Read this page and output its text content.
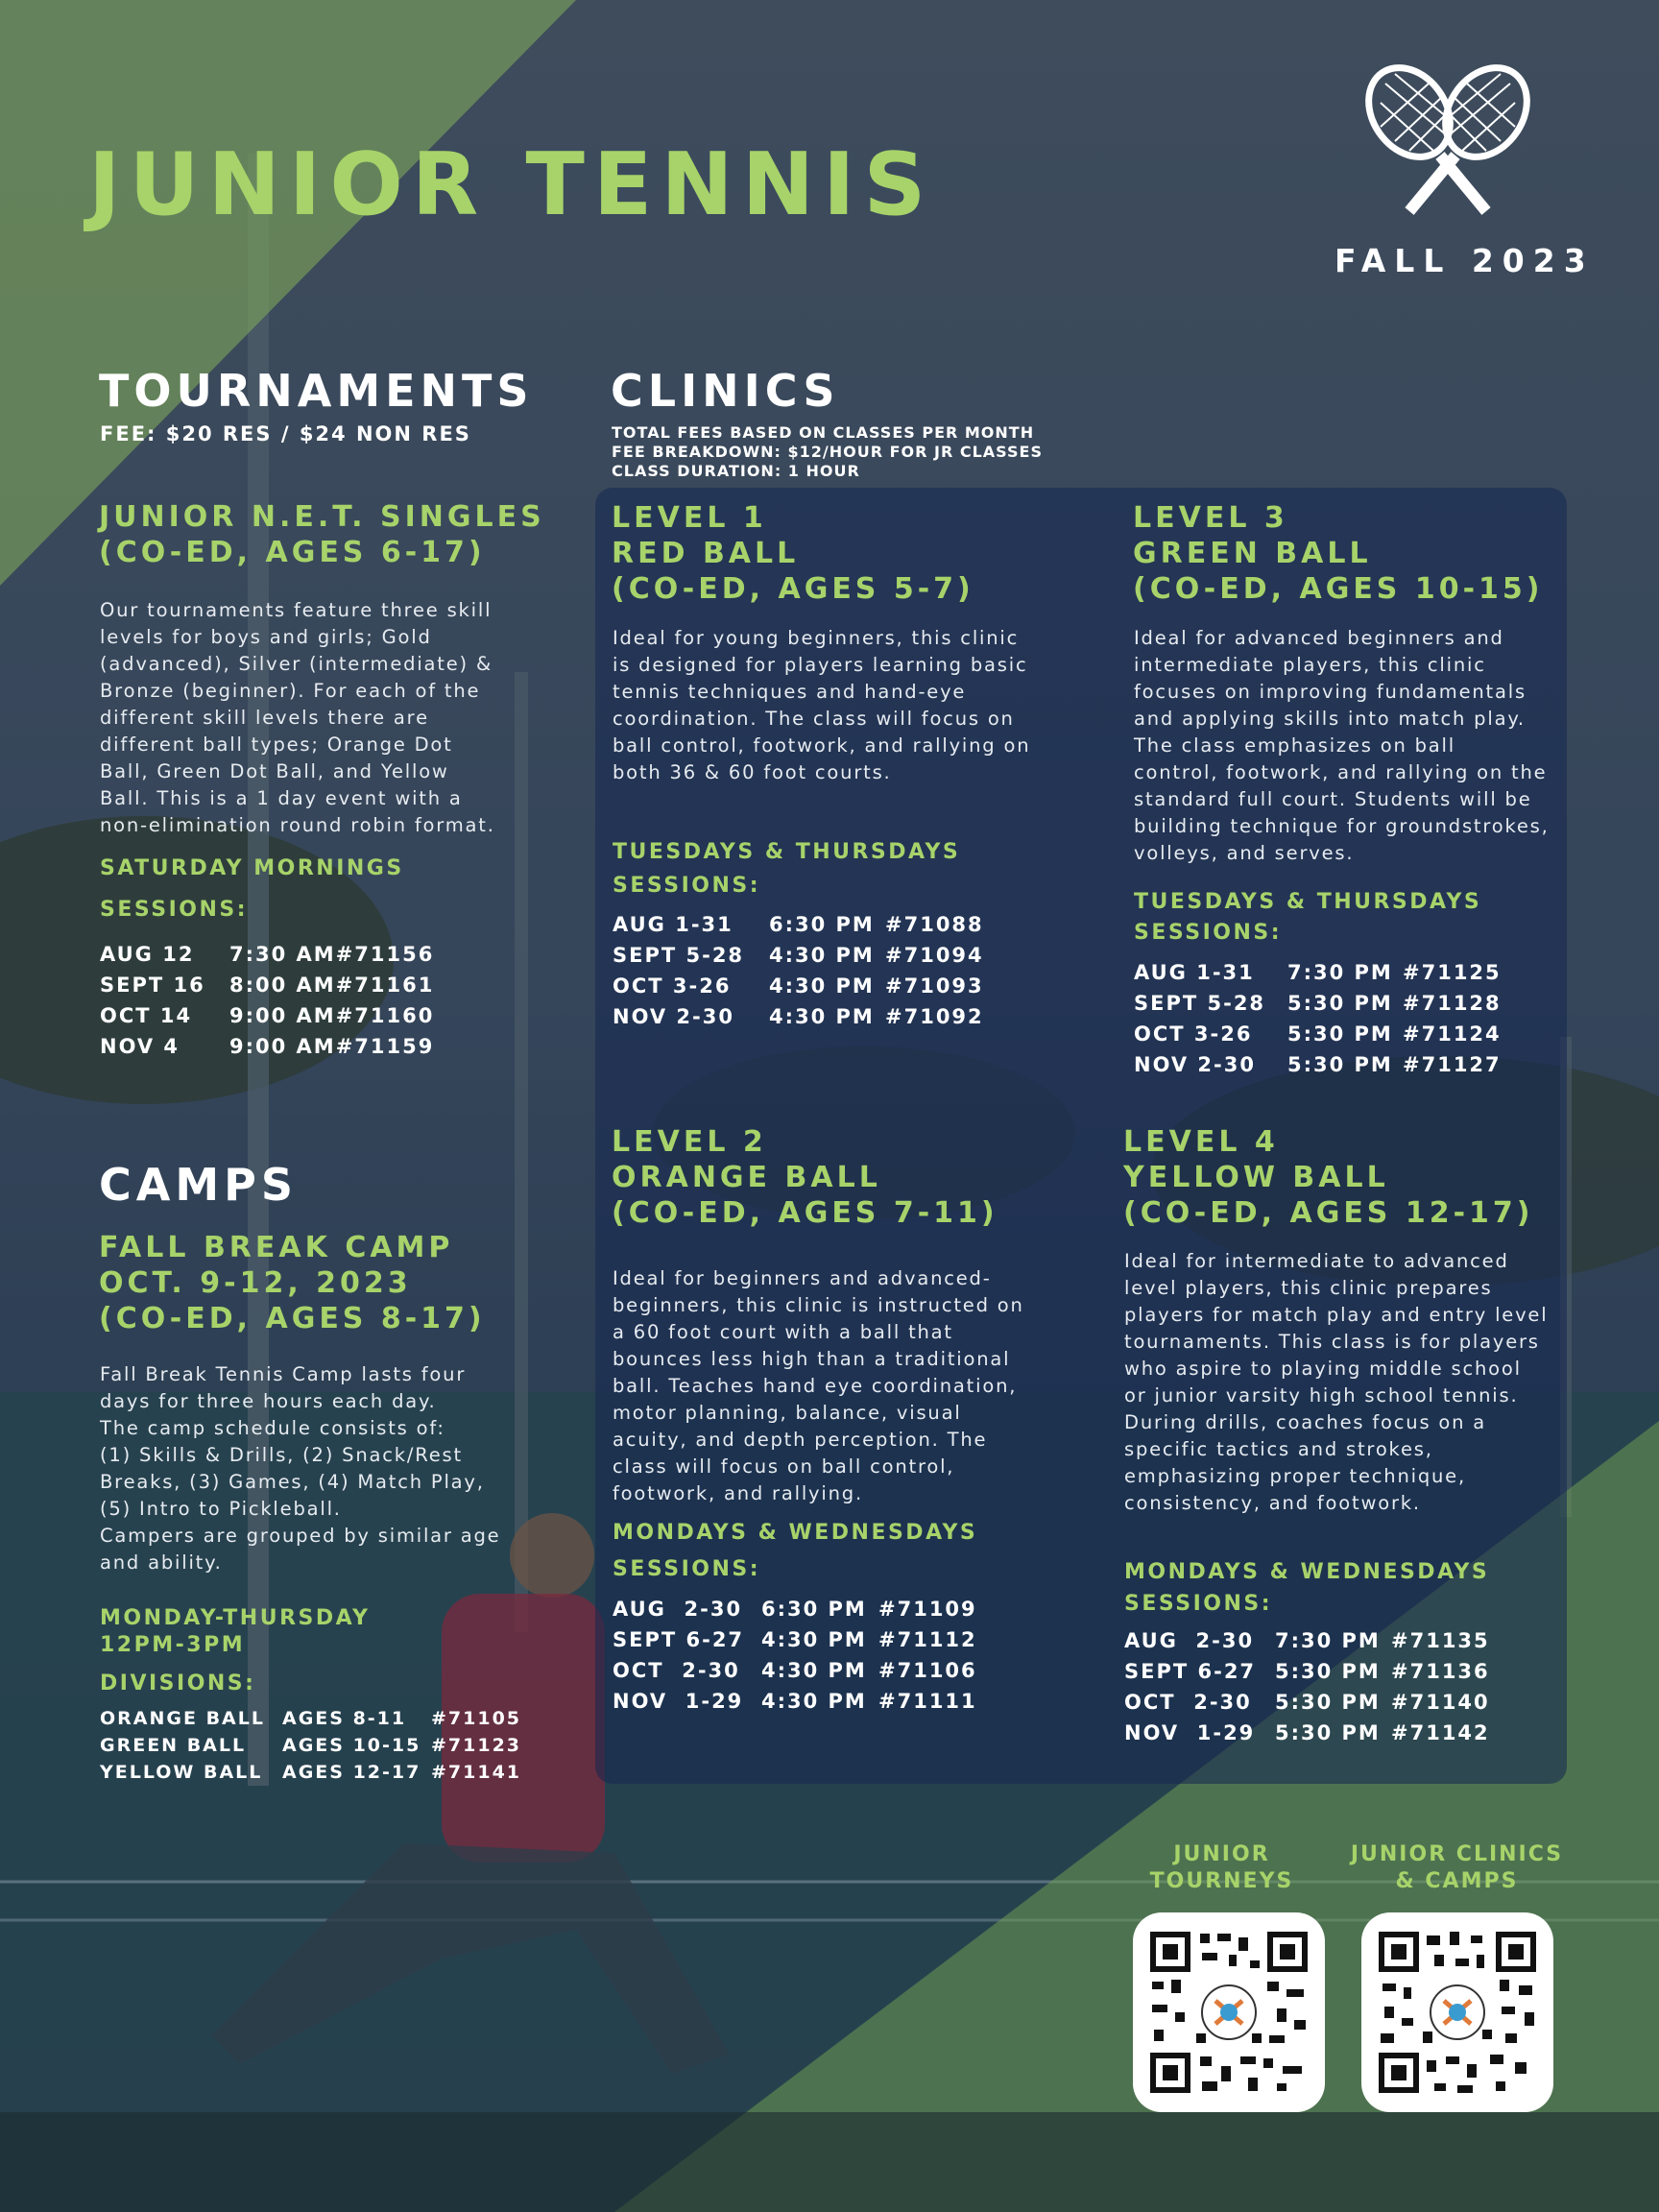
JUNIOR TENNIS
FALL 2023
TOURNAMENTS
FEE: $20 RES / $24 NON RES
JUNIOR N.E.T. SINGLES
(CO-ED, AGES 6-17)
Our tournaments feature three skill
levels for boys and girls; Gold
(advanced), Silver (intermediate) &
Bronze (beginner). For each of the
different skill levels there are
different ball types; Orange Dot
Ball, Green Dot Ball, and Yellow
Ball. This is a 1 day event with a
non-elimination round robin format.
SATURDAY MORNINGS
SESSIONS:
AUG 12	7:30 AM	#71156
SEPT 16	8:00 AM	#71161
OCT 14	9:00 AM	#71160
NOV 4	9:00 AM	#71159
CAMPS
FALL BREAK CAMP
OCT. 9-12, 2023
(CO-ED, AGES 8-17)
Fall Break Tennis Camp lasts four
days for three hours each day.
The camp schedule consists of:
(1) Skills & Drills, (2) Snack/Rest
Breaks, (3) Games, (4) Match Play,
(5) Intro to Pickleball.
Campers are grouped by similar age
and ability.
MONDAY-THURSDAY
12PM-3PM
DIVISIONS:
ORANGE BALL	AGES 8-11	#71105
GREEN BALL	AGES 10-15	#71123
YELLOW BALL	AGES 12-17	#71141
CLINICS
TOTAL FEES BASED ON CLASSES PER MONTH
FEE BREAKDOWN: $12/HOUR FOR JR CLASSES
CLASS DURATION: 1 HOUR
LEVEL 1
RED BALL
(CO-ED, AGES 5-7)
Ideal for young beginners, this clinic
is designed for players learning basic
tennis techniques and hand-eye
coordination. The class will focus on
ball control, footwork, and rallying on
both 36 & 60 foot courts.
TUESDAYS & THURSDAYS
SESSIONS:
AUG 1-31	6:30 PM	#71088
SEPT 5-28	4:30 PM	#71094
OCT 3-26	4:30 PM	#71093
NOV 2-30	4:30 PM	#71092
LEVEL 3
GREEN BALL
(CO-ED, AGES 10-15)
Ideal for advanced beginners and
intermediate players, this clinic
focuses on improving fundamentals
and applying skills into match play.
The class emphasizes on ball
control, footwork, and rallying on the
standard full court. Students will be
building technique for groundstrokes,
volleys, and serves.
TUESDAYS & THURSDAYS
SESSIONS:
AUG 1-31	7:30 PM	#71125
SEPT 5-28	5:30 PM	#71128
OCT 3-26	5:30 PM	#71124
NOV 2-30	5:30 PM	#71127
LEVEL 2
ORANGE BALL
(CO-ED, AGES 7-11)
Ideal for beginners and advanced-
beginners, this clinic is instructed on
a 60 foot court with a ball that
bounces less high than a traditional
ball. Teaches hand eye coordination,
motor planning, balance, visual
acuity, and depth perception. The
class will focus on ball control,
footwork, and rallying.
MONDAYS & WEDNESDAYS
SESSIONS:
AUG  2-30	6:30 PM	#71109
SEPT 6-27	4:30 PM	#71112
OCT  2-30	4:30 PM	#71106
NOV  1-29	4:30 PM	#71111
LEVEL 4
YELLOW BALL
(CO-ED, AGES 12-17)
Ideal for intermediate to advanced
level players, this clinic prepares
players for match play and entry level
tournaments. This class is for players
who aspire to playing middle school
or junior varsity high school tennis.
During drills, coaches focus on a
specific tactics and strokes,
emphasizing proper technique,
consistency, and footwork.
MONDAYS & WEDNESDAYS
SESSIONS:
AUG  2-30	7:30 PM	#71135
SEPT 6-27	5:30 PM	#71136
OCT  2-30	5:30 PM	#71140
NOV  1-29	5:30 PM	#71142
JUNIOR
TOURNEYS
JUNIOR CLINICS
& CAMPS
